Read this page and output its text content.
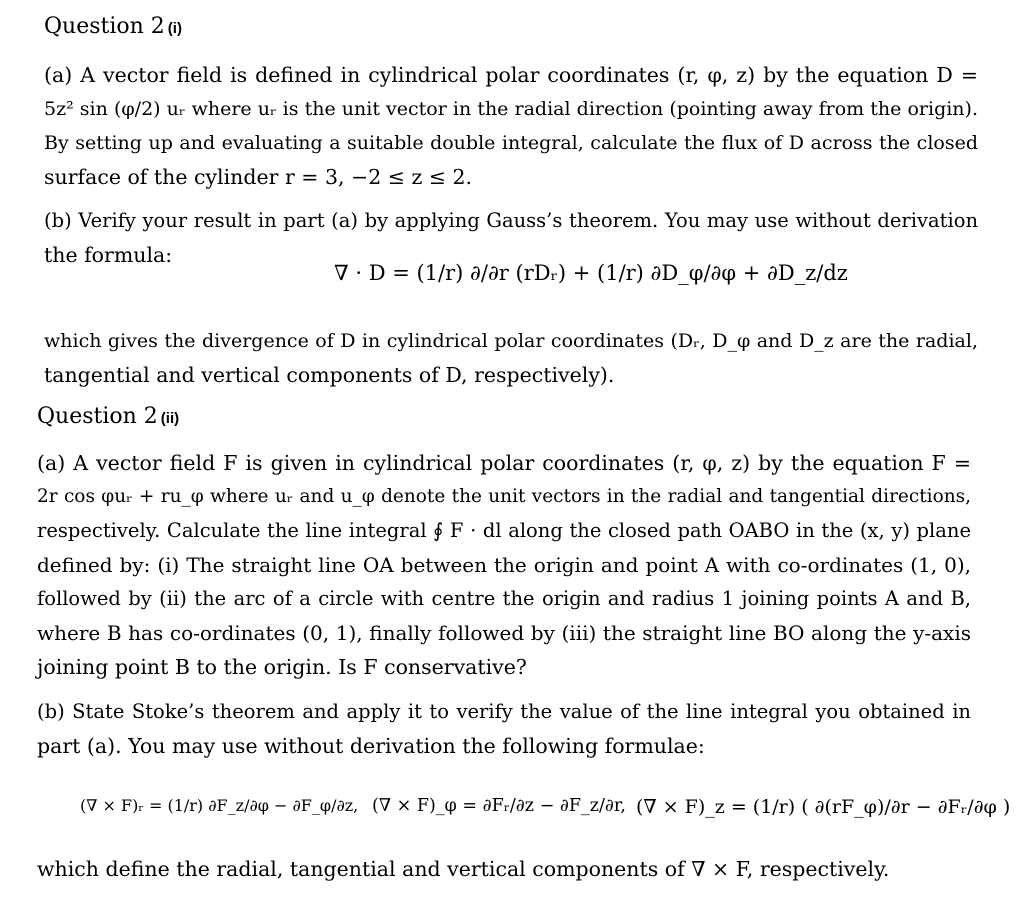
Question 2 (i)
(a) A vector field is defined in cylindrical polar coordinates (r, φ, z) by the equation D =
5z² sin (φ/2) uᵣ where uᵣ is the unit vector in the radial direction (pointing away from the origin).
By setting up and evaluating a suitable double integral, calculate the flux of D across the closed
surface of the cylinder r = 3, −2 ≤ z ≤ 2.
(b) Verify your result in part (a) by applying Gauss’s theorem. You may use without derivation
the formula:
∇ · D = (1/r) ∂/∂r (rDᵣ) + (1/r) ∂D_φ/∂φ + ∂D_z/dz
which gives the divergence of D in cylindrical polar coordinates (Dᵣ, D_φ and D_z are the radial,
tangential and vertical components of D, respectively).
Question 2 (ii)
(a) A vector field F is given in cylindrical polar coordinates (r, φ, z) by the equation F =
2r cos φuᵣ + ru_φ where uᵣ and u_φ denote the unit vectors in the radial and tangential directions,
respectively. Calculate the line integral ∮ F · dl along the closed path OABO in the (x, y) plane
defined by: (i) The straight line OA between the origin and point A with co-ordinates (1, 0),
followed by (ii) the arc of a circle with centre the origin and radius 1 joining points A and B,
where B has co-ordinates (0, 1), finally followed by (iii) the straight line BO along the y-axis
joining point B to the origin. Is F conservative?
(b) State Stoke’s theorem and apply it to verify the value of the line integral you obtained in
part (a). You may use without derivation the following formulae:
(∇ × F)ᵣ = (1/r) ∂F_z/∂φ − ∂F_φ/∂z, (∇ × F)_φ = ∂Fᵣ/∂z − ∂F_z/∂r, (∇ × F)_z = (1/r) ( ∂(rF_φ)/∂r − ∂Fᵣ/∂φ )
which define the radial, tangential and vertical components of ∇ × F, respectively.
